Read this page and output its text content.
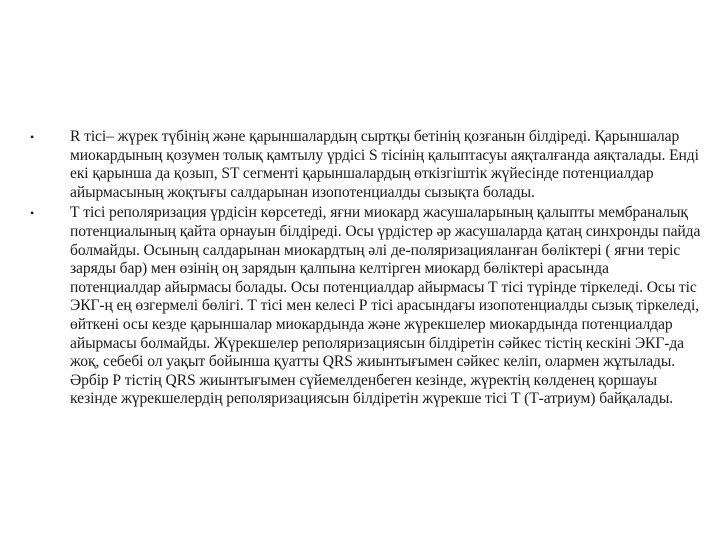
•	R тісі– жүрек түбінің және қарыншалардың сыртқы бетінің қозғанын білдіреді. Қарыншалар миокардының қозумен толық қамтылу үрдісі S тісінің қалыптасуы аяқталғанда аяқталады. Енді екі қарынша да қозып, ST сегменті қарыншалардың өткізгіштік жүйесінде потенциалдар айырмасының жоқтығы салдарынан изопотенциалды сызықта болады.
•	Т тісі реполяризация үрдісін көрсетеді, яғни миокард жасушаларының қалыпты мембраналық потенциалының қайта орнауын білдіреді. Осы үрдістер әр жасушаларда қатаң синхронды пайда болмайды. Осының салдарынан миокардтың әлі де-поляризацияланған бөліктері ( яғни теріс заряды бар) мен өзінің оң зарядын қалпына келтірген миокард бөліктері арасында потенциалдар айырмасы болады. Осы потенциалдар айырмасы Т тісі түрінде тіркеледі. Осы тіс ЭКГ-ң ең өзгермелі бөлігі. Т тісі мен келесі Р тісі арасындағы изопотенциалды сызық тіркеледі, өйткені осы кезде қарыншалар миокардында және жүрекшелер миокардында потенциалдар айырмасы болмайды. Жүрекшелер реполяризациясын білдіретін сәйкес тістің кескіні ЭКГ-да жоқ, себебі ол уақыт бойынша қуатты QRS жиынтығымен сәйкес келіп, олармен жұтылады. Әрбір Р тістің QRS жиынтығымен сүйемелденбеген кезінде, жүректің көлденең қоршауы кезінде жүрекшелердің реполяризациясын білдіретін жүрекше тісі Т (Т-атриум) байқалады.
